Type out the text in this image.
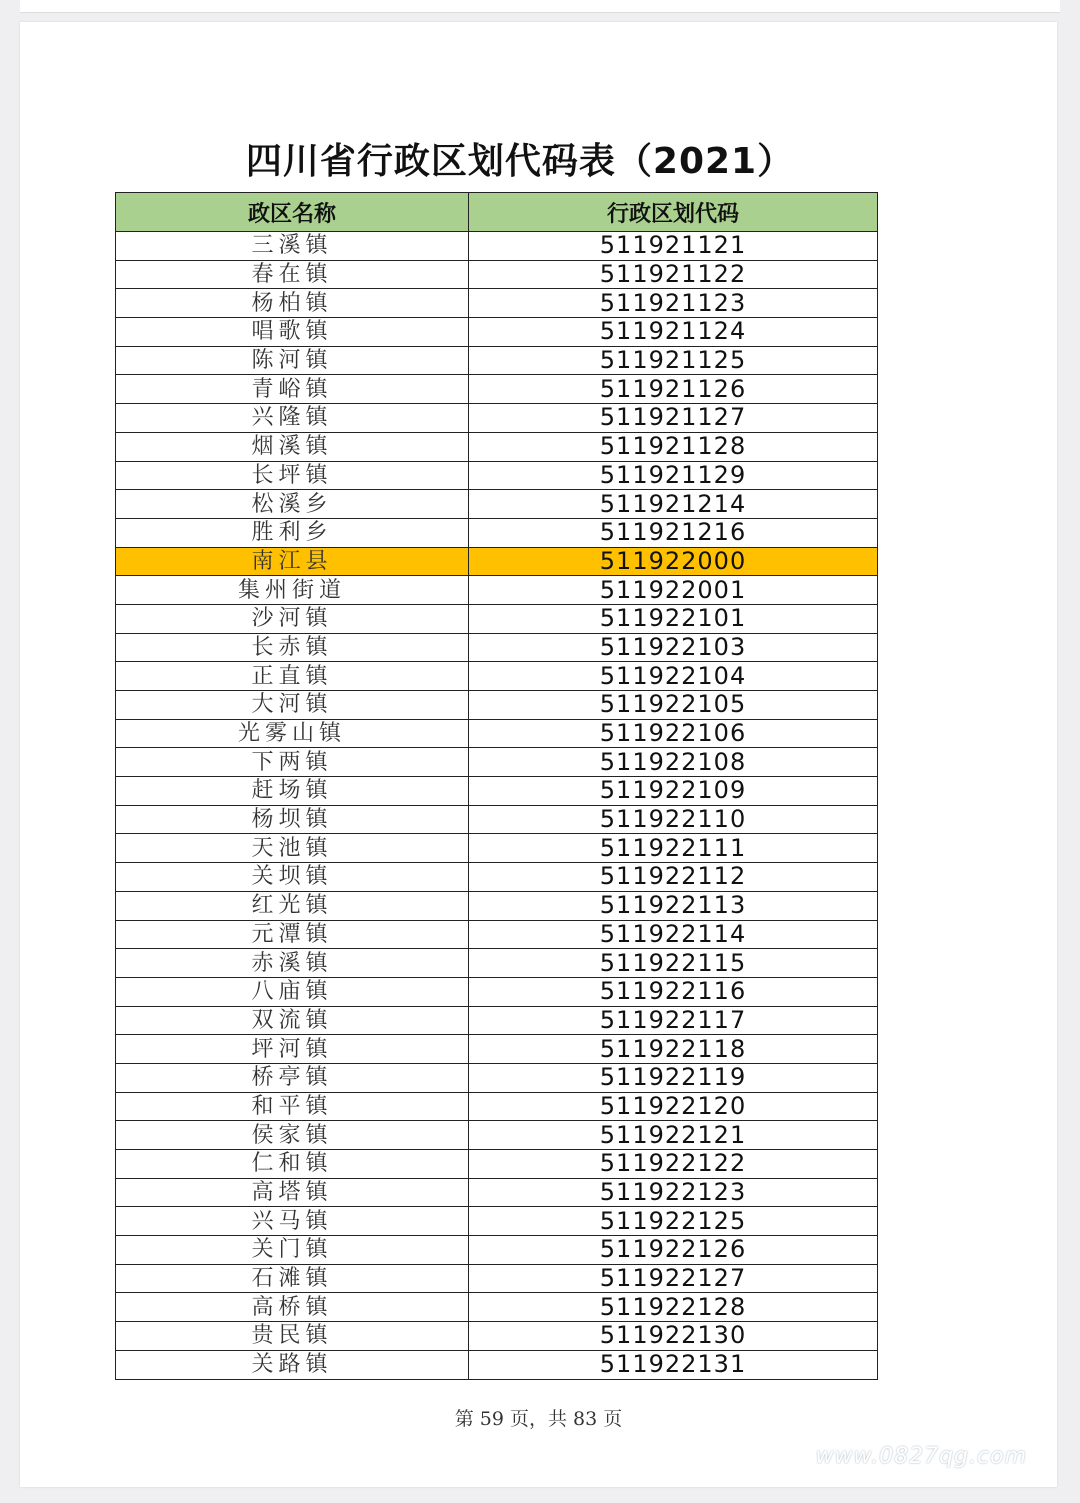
四川省行政区划代码表（2021）
政区名称	行政区划代码
三溪镇	511921121
春在镇	511921122
杨柏镇	511921123
唱歌镇	511921124
陈河镇	511921125
青峪镇	511921126
兴隆镇	511921127
烟溪镇	511921128
长坪镇	511921129
松溪乡	511921214
胜利乡	511921216
南江县	511922000
集州街道	511922001
沙河镇	511922101
长赤镇	511922103
正直镇	511922104
大河镇	511922105
光雾山镇	511922106
下两镇	511922108
赶场镇	511922109
杨坝镇	511922110
天池镇	511922111
关坝镇	511922112
红光镇	511922113
元潭镇	511922114
赤溪镇	511922115
八庙镇	511922116
双流镇	511922117
坪河镇	511922118
桥亭镇	511922119
和平镇	511922120
侯家镇	511922121
仁和镇	511922122
高塔镇	511922123
兴马镇	511922125
关门镇	511922126
石滩镇	511922127
高桥镇	511922128
贵民镇	511922130
关路镇	511922131
第 59 页，共 83 页
www.0827qg.com
